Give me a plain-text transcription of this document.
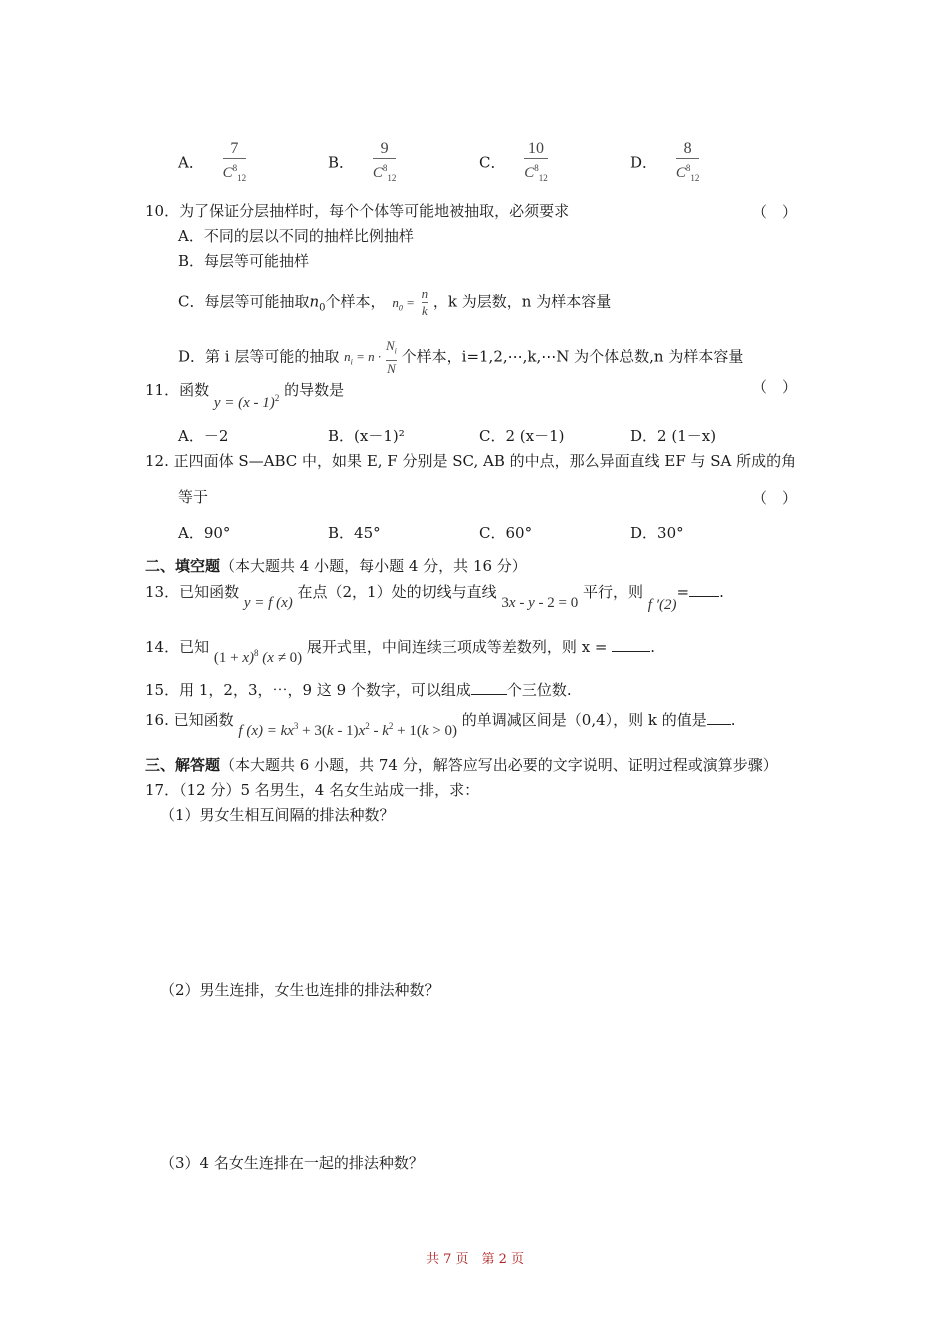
A． $\frac{7}{C^8_{12}}$	B． $\frac{9}{C^8_{12}}$	C． $\frac{10}{C^8_{12}}$	D． $\frac{8}{C^8_{12}}$
10．为了保证分层抽样时，每个个体等可能地被抽取，必须要求	（　）
A．不同的层以不同的抽样比例抽样
B．每层等可能抽样
C．每层等可能抽取$n_0$个样本， $n_0 = \frac{n}{k}$ ，k 为层数，n 为样本容量
D．第 i 层等可能的抽取 $n_i = n \cdot \frac{N_i}{N}$ 个样本，i=1,2,⋯,k,⋯N 为个体总数,n 为样本容量
11．函数 y = (x - 1)$^2$ 的导数是	（　）
A．－2	B．(x－1)²	C．2 (x－1)	D．2 (1－x)
12. 正四面体 S—ABC 中，如果 E, F 分别是 SC, AB 的中点，那么异面直线 EF 与 SA 所成的角
等于	（　）
A．90°	B．45°	C．60°	D．30°
二、填空题（本大题共 4 小题，每小题 4 分，共 16 分）
13．已知函数 y = f (x) 在点（2，1）处的切线与直线 3x - y - 2 = 0 平行，则 f ′(2)= .
14．已知 $(1 + x)^8$ (x ≠ 0) 展开式里，中间连续三项成等差数列，则 x =	.
15．用 1，2，3，⋯，9 这 9 个数字，可以组成 个三位数.
16. 已知函数 f $(x) = kx^3 + 3(k - 1)x^2 - k^2 + 1(k > 0)$ 的单调减区间是（0,4），则 k 的值是 .
三、解答题（本大题共 6 小题，共 74 分，解答应写出必要的文字说明、证明过程或演算步骤）
17．（12 分）5 名男生，4 名女生站成一排，求：
（1）男女生相互间隔的排法种数？
（2）男生连排，女生也连排的排法种数？
（3）4 名女生连排在一起的排法种数？
共 7 页　第 2 页
